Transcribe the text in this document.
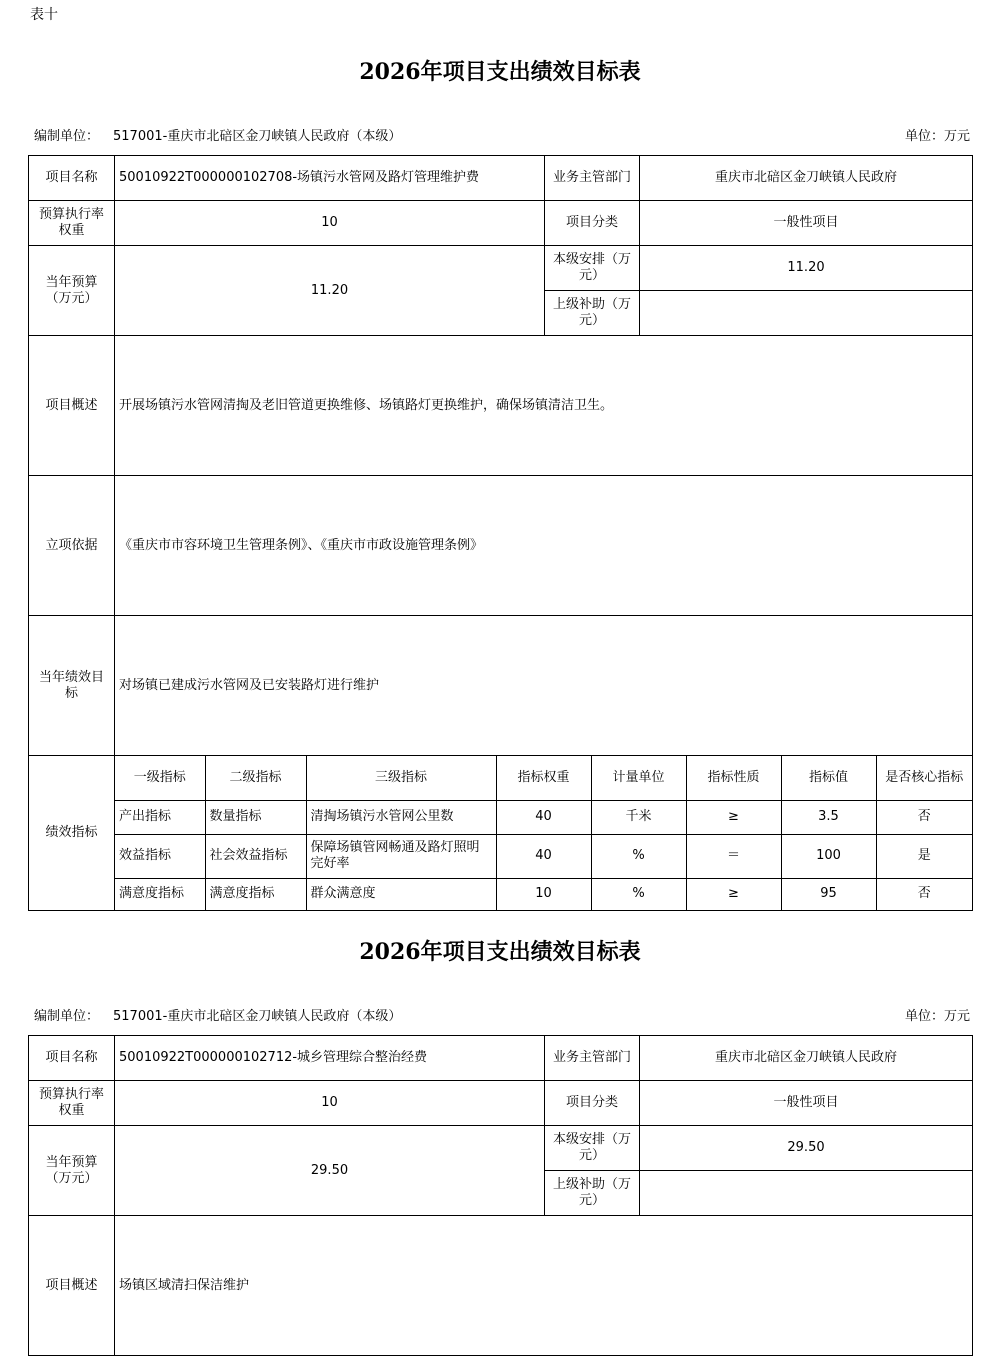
表十
2026年项目支出绩效目标表
编制单位： 517001-重庆市北碚区金刀峡镇人民政府（本级）	单位：万元
项目名称	50010922T000000102708-场镇污水管网及路灯管理维护费	业务主管部门	重庆市北碚区金刀峡镇人民政府
预算执行率权重	10	项目分类	一般性项目
当年预算（万元）	11.20	本级安排（万元）	11.20
上级补助（万元）	
项目概述	开展场镇污水管网清掏及老旧管道更换维修、场镇路灯更换维护，确保场镇清洁卫生。
立项依据	《重庆市市容环境卫生管理条例》、《重庆市市政设施管理条例》
当年绩效目标	对场镇已建成污水管网及已安装路灯进行维护
绩效指标	
一级指标	二级指标	三级指标	指标权重	计量单位	指标性质	指标值	是否核心指标
产出指标	数量指标	清掏场镇污水管网公里数	40	千米	≥	3.5	否
效益指标	社会效益指标	保障场镇管网畅通及路灯照明完好率	40	%	＝	100	是
满意度指标	满意度指标	群众满意度	10	%	≥	95	否
2026年项目支出绩效目标表
编制单位： 517001-重庆市北碚区金刀峡镇人民政府（本级）	单位：万元
项目名称	50010922T000000102712-城乡管理综合整治经费	业务主管部门	重庆市北碚区金刀峡镇人民政府
预算执行率权重	10	项目分类	一般性项目
当年预算（万元）	29.50	本级安排（万元）	29.50
		上级补助（万元）	
项目概述	场镇区域清扫保洁维护		
